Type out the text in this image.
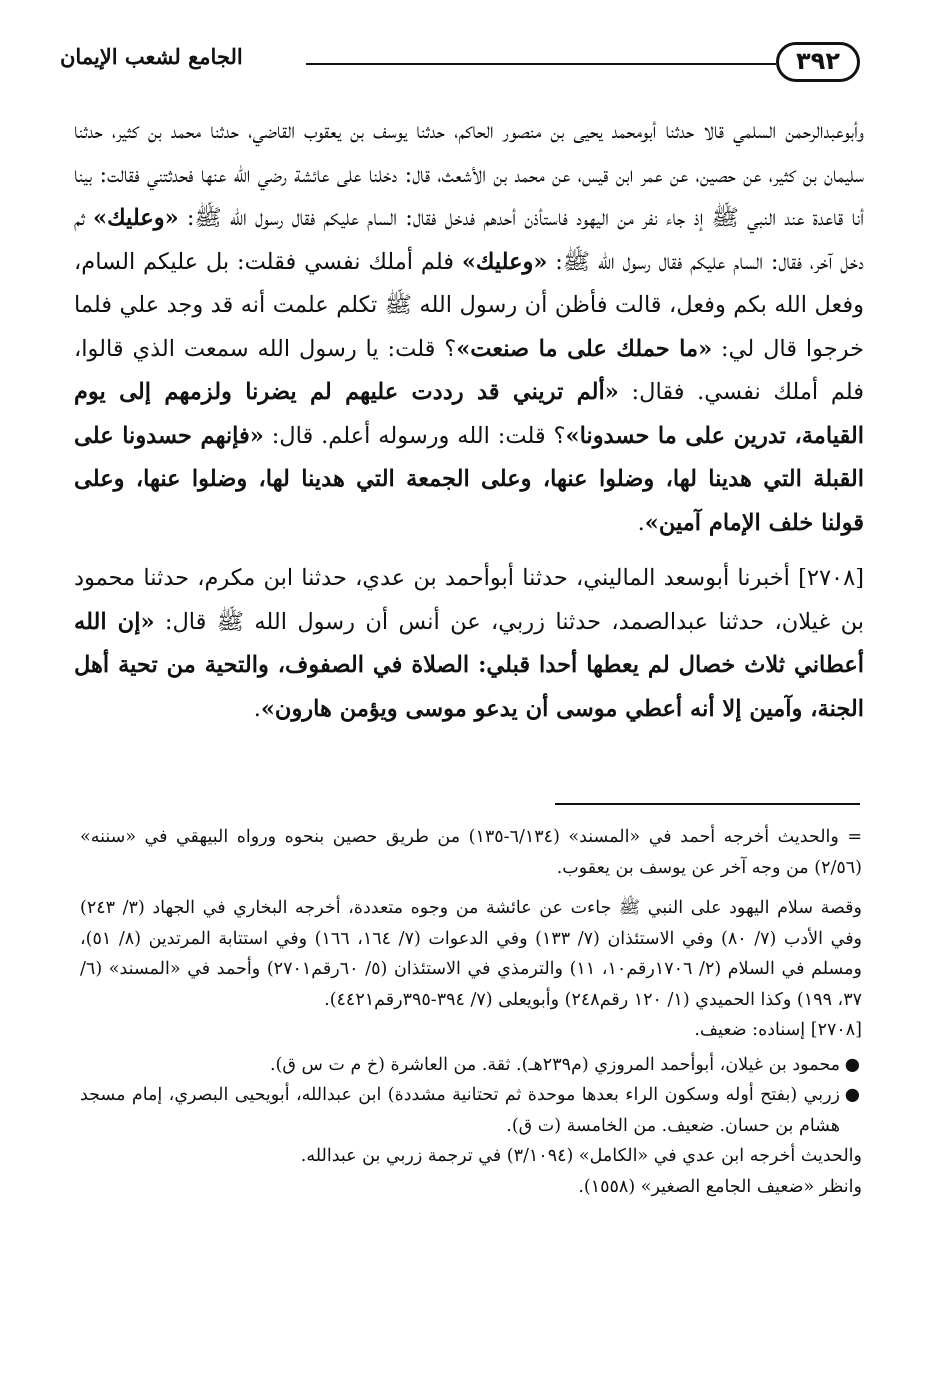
٣٩٢
الجامع لشعب الإيمان

وأبوعبدالرحمن السلمي قالا حدثنا أبومحمد يحيى بن منصور الحاكم، حدثنا يوسف بن يعقوب القاضي، حدثنا محمد بن كثير، حدثنا سليمان بن كثير، عن حصين، عن عمر ابن قيس، عن محمد بن الأشعث، قال: دخلنا على عائشة رضي الله عنها فحدثتني فقالت: بينا أنا قاعدة عند النبي ﷺ إذ جاء نفر من اليهود فاستأذن أحدهم فدخل فقال: السام عليكم فقال رسول الله ﷺ: «وعليك» ثم دخل آخر، فقال: السام عليكم فقال رسول الله ﷺ: «وعليك» فلم أملك نفسي فقلت: بل عليكم السام، وفعل الله بكم وفعل، قالت فأظن أن رسول الله ﷺ تكلم علمت أنه قد وجد علي فلما خرجوا قال لي: «ما حملك على ما صنعت»؟ قلت: يا رسول الله سمعت الذي قالوا، فلم أملك نفسي. فقال: «ألم تريني قد رددت عليهم لم يضرنا ولزمهم إلى يوم القيامة، تدرين على ما حسدونا»؟ قلت: الله ورسوله أعلم. قال: «فإنهم حسدونا على القبلة التي هدينا لها، وضلوا عنها، وعلى الجمعة التي هدينا لها، وضلوا عنها، وعلى قولنا خلف الإمام آمين».

[٢٧٠٨] أخبرنا أبوسعد الماليني، حدثنا أبوأحمد بن عدي، حدثنا ابن مكرم، حدثنا محمود بن غيلان، حدثنا عبدالصمد، حدثنا زربي، عن أنس أن رسول الله ﷺ قال: «إن الله أعطاني ثلاث خصال لم يعطها أحدا قبلي: الصلاة في الصفوف، والتحية من تحية أهل الجنة، وآمين إلا أنه أعطي موسى أن يدعو موسى ويؤمن هارون».

= والحديث أخرجه أحمد في «المسند» (٦/١٣٤-١٣٥) من طريق حصين بنحوه ورواه البيهقي في «سننه» (٢/٥٦) من وجه آخر عن يوسف بن يعقوب.

وقصة سلام اليهود على النبي ﷺ جاءت عن عائشة من وجوه متعددة، أخرجه البخاري في الجهاد (٣/ ٢٤٣) وفي الأدب (٧/ ٨٠) وفي الاستئذان (٧/ ١٣٣) وفي الدعوات (٧/ ١٦٤، ١٦٦) وفي استتابة المرتدين (٨/ ٥١)، ومسلم في السلام (٢/ ١٧٠٦رقم١٠، ١١) والترمذي في الاستئذان (٥/ ٦٠رقم٢٧٠١) وأحمد في «المسند» (٦/ ٣٧، ١٩٩) وكذا الحميدي (١/ ١٢٠ رقم٢٤٨) وأبويعلى (٧/ ٣٩٤-٣٩٥رقم٤٤٢١).

[٢٧٠٨] إسناده: ضعيف.

●
محمود بن غيلان، أبوأحمد المروزي (م٢٣٩هـ). ثقة. من العاشرة (خ م ت س ق).
●
زربي (بفتح أوله وسكون الراء بعدها موحدة ثم تحتانية مشددة) ابن عبدالله، أبويحيى البصري، إمام مسجد هشام بن حسان. ضعيف. من الخامسة (ت ق).

والحديث أخرجه ابن عدي في «الكامل» (٣/١٠٩٤) في ترجمة زربي بن عبدالله.

وانظر «ضعيف الجامع الصغير» (١٥٥٨).
